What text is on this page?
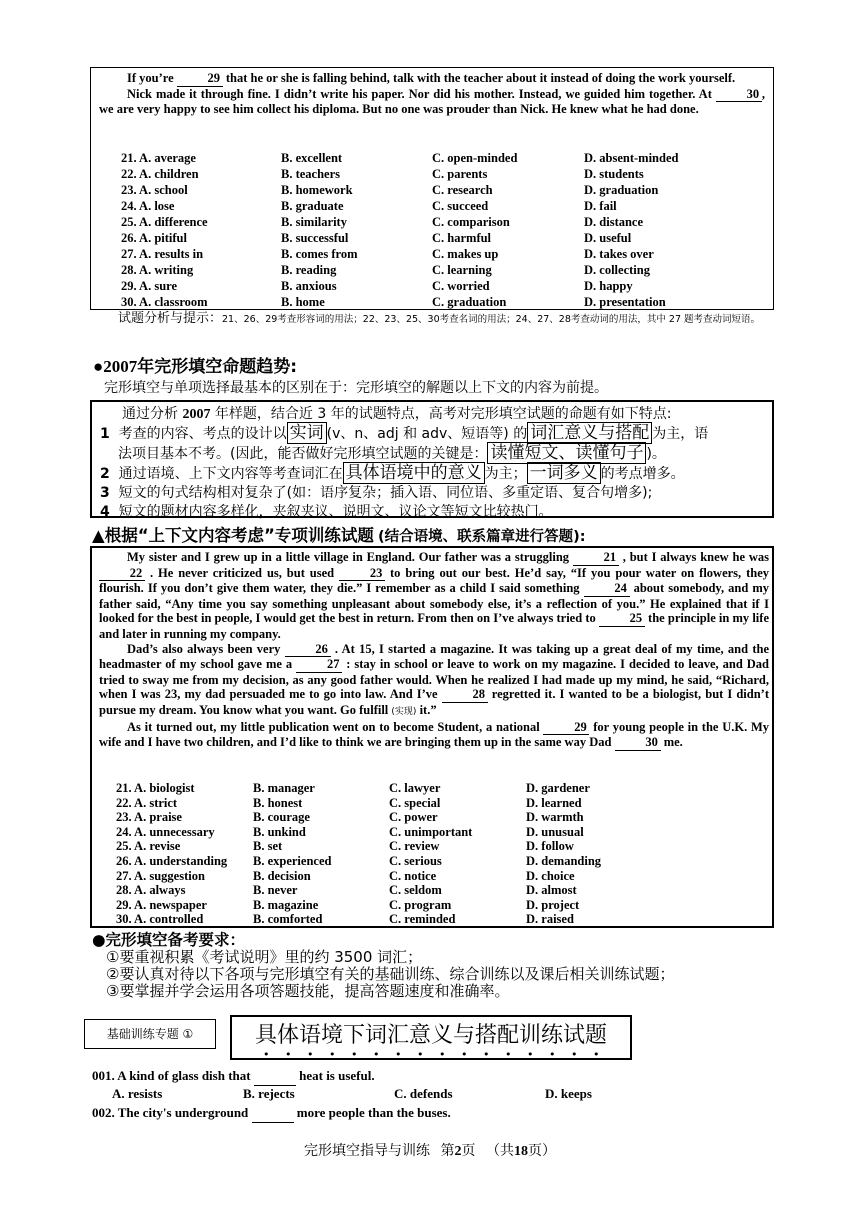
If you’re	29 that he or she is falling behind, talk with the teacher about it instead of doing the work yourself.

Nick made it through fine. I didn’t write his paper. Nor did his mother. Instead, we guided him together. At	30 , we are very happy to see him collect his diploma. But no one was prouder than Nick. He knew what he had done.

21. A. average	B. excellent	C. open-minded	D. absent-minded
22. A. children	B. teachers	C. parents	D. students
23. A. school	B. homework	C. research	D. graduation
24. A. lose	B. graduate	C. succeed	D. fail
25. A. difference	B. similarity	C. comparison	D. distance
26. A. pitiful	B. successful	C. harmful	D. useful
27. A. results in	B. comes from	C. makes up	D. takes over
28. A. writing	B. reading	C. learning	D. collecting
29. A. sure	B. anxious	C. worried	D. happy
30. A. classroom	B. home	C. graduation	D. presentation
试题分析与提示：21、26、29考查形容词的用法；22、23、25、30考查名词的用法；24、27、28考查动词的用法，其中 27 题考查动词短语。
●2007年完形填空命题趋势:
完形填空与单项选择最基本的区别在于：完形填空的解题以上下文的内容为前提。
通过分析 2007 年样题，结合近 3 年的试题特点，高考对完形填空试题的命题有如下特点:
1 考查的内容、考点的设计以 实词 (v、n、adj 和 adv、短语等) 的 词汇意义与搭配 为主，语
法项目基本不考。(因此，能否做好完形填空试题的关键是： 读懂短文、读懂句子 )。
2 通过语境、上下文内容等考查词汇在 具体语境中的意义 为主； 一词多义 的考点增多。
3 短文的句式结构相对复杂了(如：语序复杂；插入语、同位语、多重定语、复合句增多);
4 短文的题材内容多样化，夹叙夹议、说明文、议论文等短文比较热门。
▲根据“上下文内容考虑”专项训练试题 (结合语境、联系篇章进行答题):

My sister and I grew up in a little village in England. Our father was a struggling	21 , but I always knew he was 22 . He never criticized us, but used	23 to bring out our best. He’d say, “If you pour water on flowers, they flourish. If you don’t give them water, they die.” I remember as a child I said something	24 about somebody, and my father said, “Any time you say something unpleasant about somebody else, it’s a reflection of you.” He explained that if I looked for the best in people, I would get the best in return. From then on I’ve always tried to	25 the principle in my life and later in running my company.

Dad’s also always been very	26 . At 15, I started a magazine. It was taking up a great deal of my time, and the headmaster of my school gave me a	27 : stay in school or leave to work on my magazine. I decided to leave, and Dad tried to sway me from my decision, as any good father would. When he realized I had made up my mind, he said, “Richard, when I was 23, my dad persuaded me to go into law. And I’ve	28 regretted it. I wanted to be a biologist, but I didn’t pursue my dream. You know what you want. Go fulfill (实现) it.”

As it turned out, my little publication went on to become Student, a national	29 for young people in the U.K. My wife and I have two children, and I’d like to think we are bringing them up in the same way Dad	30 me.

21. A. biologist	B. manager	C. lawyer	D. gardener
22. A. strict	B. honest	C. special	D. learned
23. A. praise	B. courage	C. power	D. warmth
24. A. unnecessary	B. unkind	C. unimportant	D. unusual
25. A. revise	B. set	C. review	D. follow
26. A. understanding	B. experienced	C. serious	D. demanding
27. A. suggestion	B. decision	C. notice	D. choice
28. A. always	B. never	C. seldom	D. almost
29. A. newspaper	B. magazine	C. program	D. project
30. A. controlled	B. comforted	C. reminded	D. raised
●完形填空备考要求：
①要重视积累《考试说明》里的约 3500 词汇；
②要认真对待以下各项与完形填空有关的基础训练、综合训练以及课后相关训练试题；
③要掌握并学会运用各项答题技能，提高答题速度和准确率。
基础训练专题 ①	具体语境下词汇意义与搭配训练试题
001. A kind of glass dish that	heat is useful.
A. resists	B. rejects	C. defends	D. keeps
002. The city's underground	more people than the buses.
完形填空指导与训练 第2页 （共18页）
